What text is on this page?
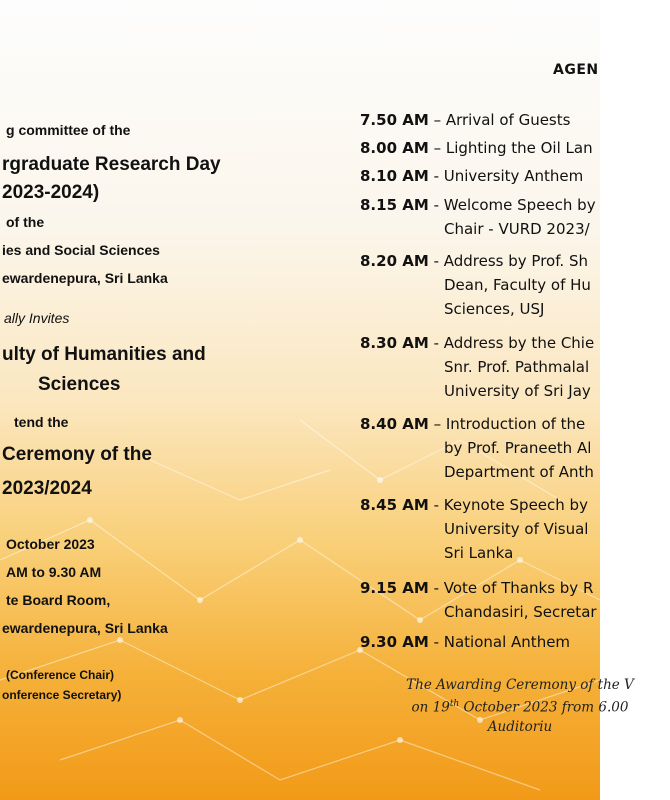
g committee of the
rgraduate Research Day
2023-2024)
of the
ies and Social Sciences
ewardenepura, Sri Lanka
ally Invites
ulty of Humanities and
Sciences
tend the
Ceremony of the
2023/2024
October 2023
AM to 9.30 AM
te Board Room,
ewardenepura, Sri Lanka
(Conference Chair)
onference Secretary)
AGEN
7.50 AM – Arrival of Guests
8.00 AM – Lighting the Oil Lan
8.10 AM - University Anthem
8.15 AM - Welcome Speech by
Chair - VURD 2023/
8.20 AM - Address by Prof. Sh
Dean, Faculty of Hu
Sciences, USJ
8.30 AM - Address by the Chie
Snr. Prof. Pathmalal
University of Sri Jay
8.40 AM – Introduction of the
by Prof. Praneeth Al
Department of Anth
8.45 AM - Keynote Speech by
University of Visual
Sri Lanka
9.15 AM - Vote of Thanks by R
Chandasiri, Secretar
9.30 AM - National Anthem
The Awarding Ceremony of the V
on 19th October 2023 from 6.00
Auditoriu
